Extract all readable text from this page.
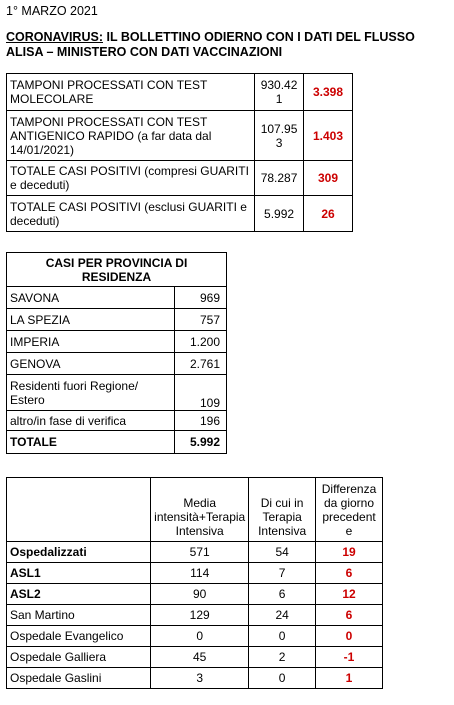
1° MARZO 2021
CORONAVIRUS: IL BOLLETTINO ODIERNO CON I DATI DEL FLUSSO ALISA – MINISTERO CON DATI VACCINAZIONI
TAMPONI PROCESSATI CON TEST MOLECOLARE	930.421	3.398
TAMPONI PROCESSATI CON TEST ANTIGENICO RAPIDO (a far data dal 14/01/2021)	107.953	1.403
TOTALE CASI POSITIVI (compresi GUARITI e deceduti)	78.287	309
TOTALE CASI POSITIVI (esclusi GUARITI e deceduti)	5.992	26
CASI PER PROVINCIA DI RESIDENZA	
SAVONA	969
LA SPEZIA	757
IMPERIA	1.200
GENOVA	2.761
Residenti fuori Regione/ Estero	109
altro/in fase di verifica	196
TOTALE	5.992
	Media intensità+Terapia Intensiva	Di cui in Terapia Intensiva	Differenza da giorno precedente
Ospedalizzati	571	54	19
ASL1	114	7	6
ASL2	90	6	12
San Martino	129	24	6
Ospedale Evangelico	0	0	0
Ospedale Galliera	45	2	-1
Ospedale Gaslini	3	0	1
